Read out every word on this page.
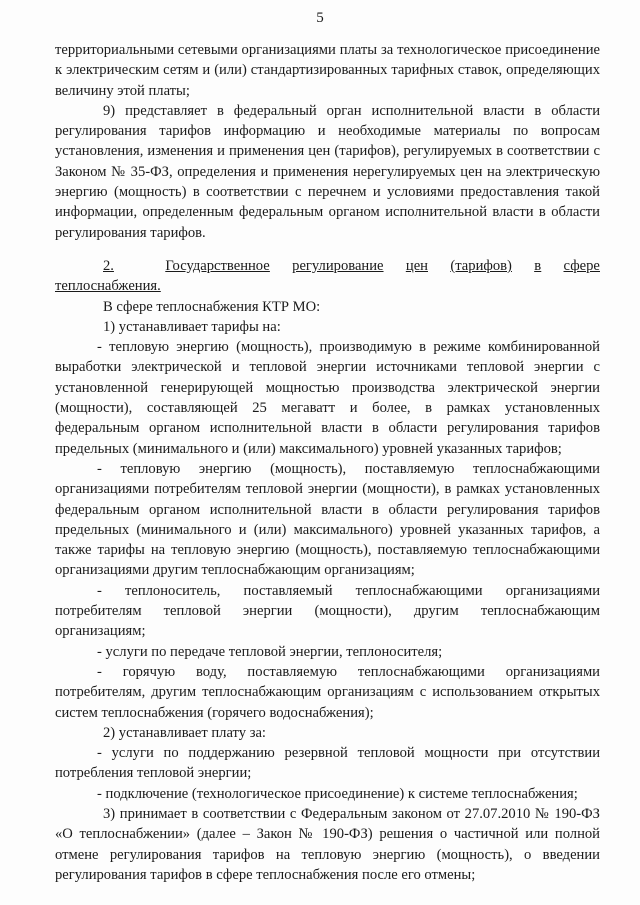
5

территориальными сетевыми организациями платы за технологическое присоединение к электрическим сетям и (или) стандартизированных тарифных ставок, определяющих величину этой платы;

9) представляет в федеральный орган исполнительной власти в области регулирования тарифов информацию и необходимые материалы по вопросам установления, изменения и применения цен (тарифов), регулируемых в соответствии с Законом № 35-ФЗ, определения и применения нерегулируемых цен на электрическую энергию (мощность) в соответствии с перечнем и условиями предоставления такой информации, определенным федеральным органом исполнительной власти в области регулирования тарифов.

2.	Государственное регулирование цен (тарифов) в сфере

теплоснабжения.

В сфере теплоснабжения КТР МО:

1) устанавливает тарифы на:

- тепловую энергию (мощность), производимую в режиме комбинированной выработки электрической и тепловой энергии источниками тепловой энергии с установленной генерирующей мощностью производства электрической энергии (мощности), составляющей 25 мегаватт и более, в рамках установленных федеральным органом исполнительной власти в области регулирования тарифов предельных (минимального и (или) максимального) уровней указанных тарифов;

- тепловую энергию (мощность), поставляемую теплоснабжающими организациями потребителям тепловой энергии (мощности), в рамках установленных федеральным органом исполнительной власти в области регулирования тарифов предельных (минимального и (или) максимального) уровней указанных тарифов, а также тарифы на тепловую энергию (мощность), поставляемую теплоснабжающими организациями другим теплоснабжающим организациям;

- теплоноситель, поставляемый теплоснабжающими организациями потребителям тепловой энергии (мощности), другим теплоснабжающим организациям;

- услуги по передаче тепловой энергии, теплоносителя;

- горячую воду, поставляемую теплоснабжающими организациями потребителям, другим теплоснабжающим организациям с использованием открытых систем теплоснабжения (горячего водоснабжения);

2) устанавливает плату за:

- услуги по поддержанию резервной тепловой мощности при отсутствии потребления тепловой энергии;

- подключение (технологическое присоединение) к системе теплоснабжения;

3) принимает в соответствии с Федеральным законом от 27.07.2010 № 190-ФЗ «О теплоснабжении» (далее – Закон № 190-ФЗ) решения о частичной или полной отмене регулирования тарифов на тепловую энергию (мощность), о введении регулирования тарифов в сфере теплоснабжения после его отмены;
